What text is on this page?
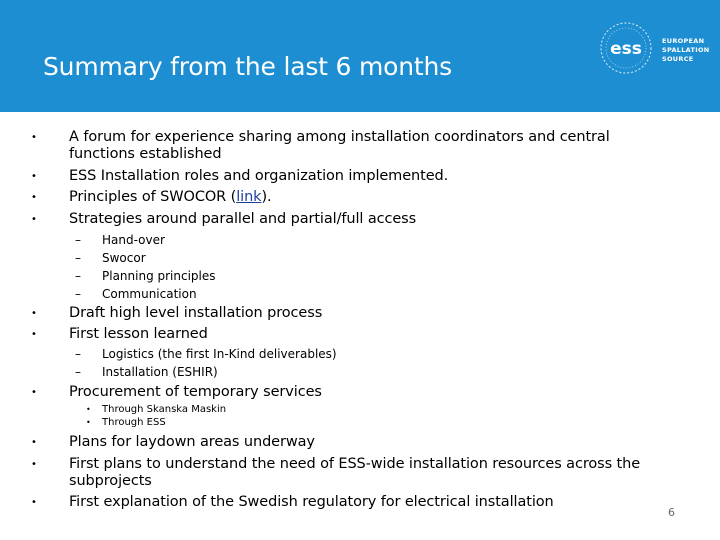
Summary from the last 6 months
ess	EUROPEAN
SPALLATION
SOURCE
• A forum for experience sharing among installation coordinators and central functions established
• ESS Installation roles and organization implemented.
• Principles of SWOCOR (link).
• Strategies around parallel and partial/full access
– Hand-over
– Swocor
– Planning principles
– Communication
• Draft high level installation process
• First lesson learned
– Logistics (the first In-Kind deliverables)
– Installation (ESHIR)
• Procurement of temporary services
• Through Skanska Maskin
• Through ESS
• Plans for laydown areas underway
• First plans to understand the need of ESS-wide installation resources across the subprojects
• First explanation of the Swedish regulatory for electrical installation
6
